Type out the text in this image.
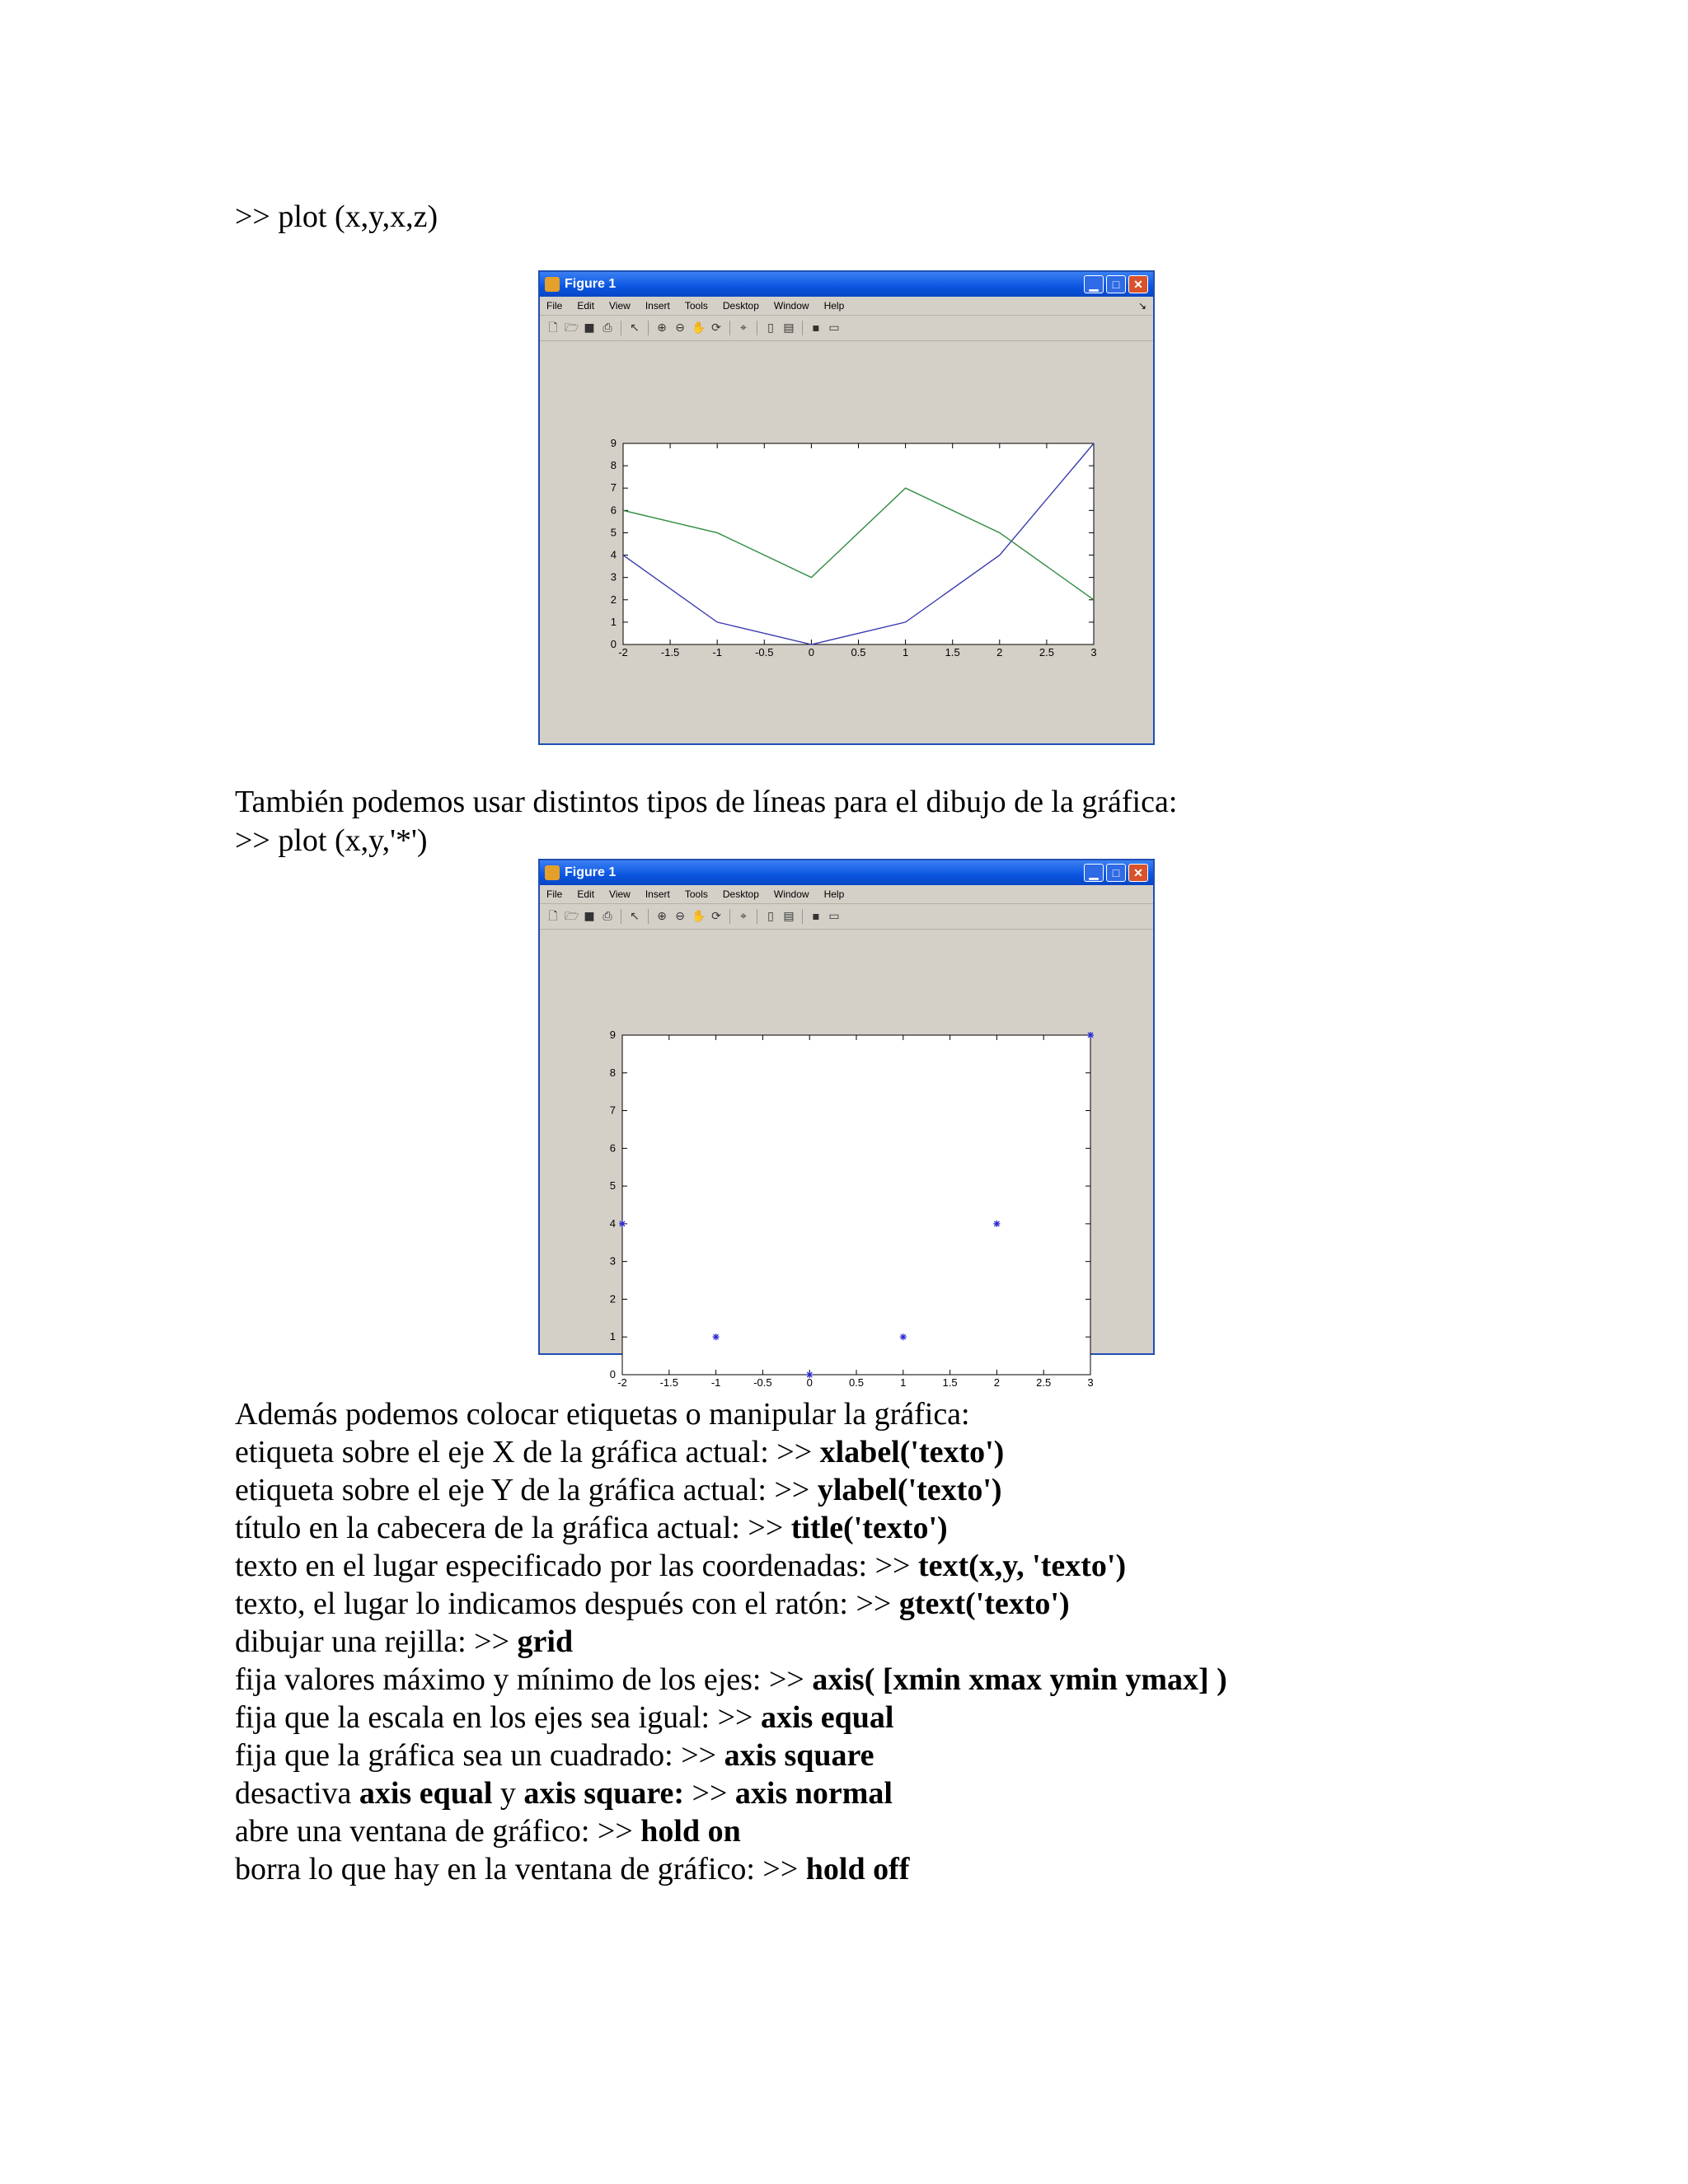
>> plot (x,y,x,z)
Figure 1	▁	□	✕
File Edit View Insert Tools Desktop Window Help	↘
🗋 🗁 ■ ⎙ ↖ ⊕ ⊖ ✋ ⟳ ⌖ ▯ ▤ ▪ ▭
-2	-1.5	-1	-0.5	0	0.5	1	1.5	2	2.5	3
0
1
2
3
4
5
6
7
8
9
También podemos usar distintos tipos de líneas para el dibujo de la gráfica:
>> plot (x,y,'*')
Figure 1	▁	□	✕
File Edit View Insert Tools Desktop Window Help
🗋 🗁 ■ ⎙ ↖ ⊕ ⊖ ✋ ⟳ ⌖ ▯ ▤ ▪ ▭
-2	-1.5	-1	-0.5	0	0.5	1	1.5	2	2.5	3
0
1
2
3
4
5
6
7
8
9
Además podemos colocar etiquetas o manipular la gráfica:
etiqueta sobre el eje X de la gráfica actual: >> xlabel('texto')
etiqueta sobre el eje Y de la gráfica actual: >> ylabel('texto')
título en la cabecera de la gráfica actual: >> title('texto')
texto en el lugar especificado por las coordenadas: >> text(x,y, 'texto')
texto, el lugar lo indicamos después con el ratón: >> gtext('texto')
dibujar una rejilla: >> grid
fija valores máximo y mínimo de los ejes: >> axis( [xmin xmax ymin ymax] )
fija que la escala en los ejes sea igual: >> axis equal
fija que la gráfica sea un cuadrado: >> axis square
desactiva axis equal y axis square: >> axis normal
abre una ventana de gráfico: >> hold on
borra lo que hay en la ventana de gráfico: >> hold off
